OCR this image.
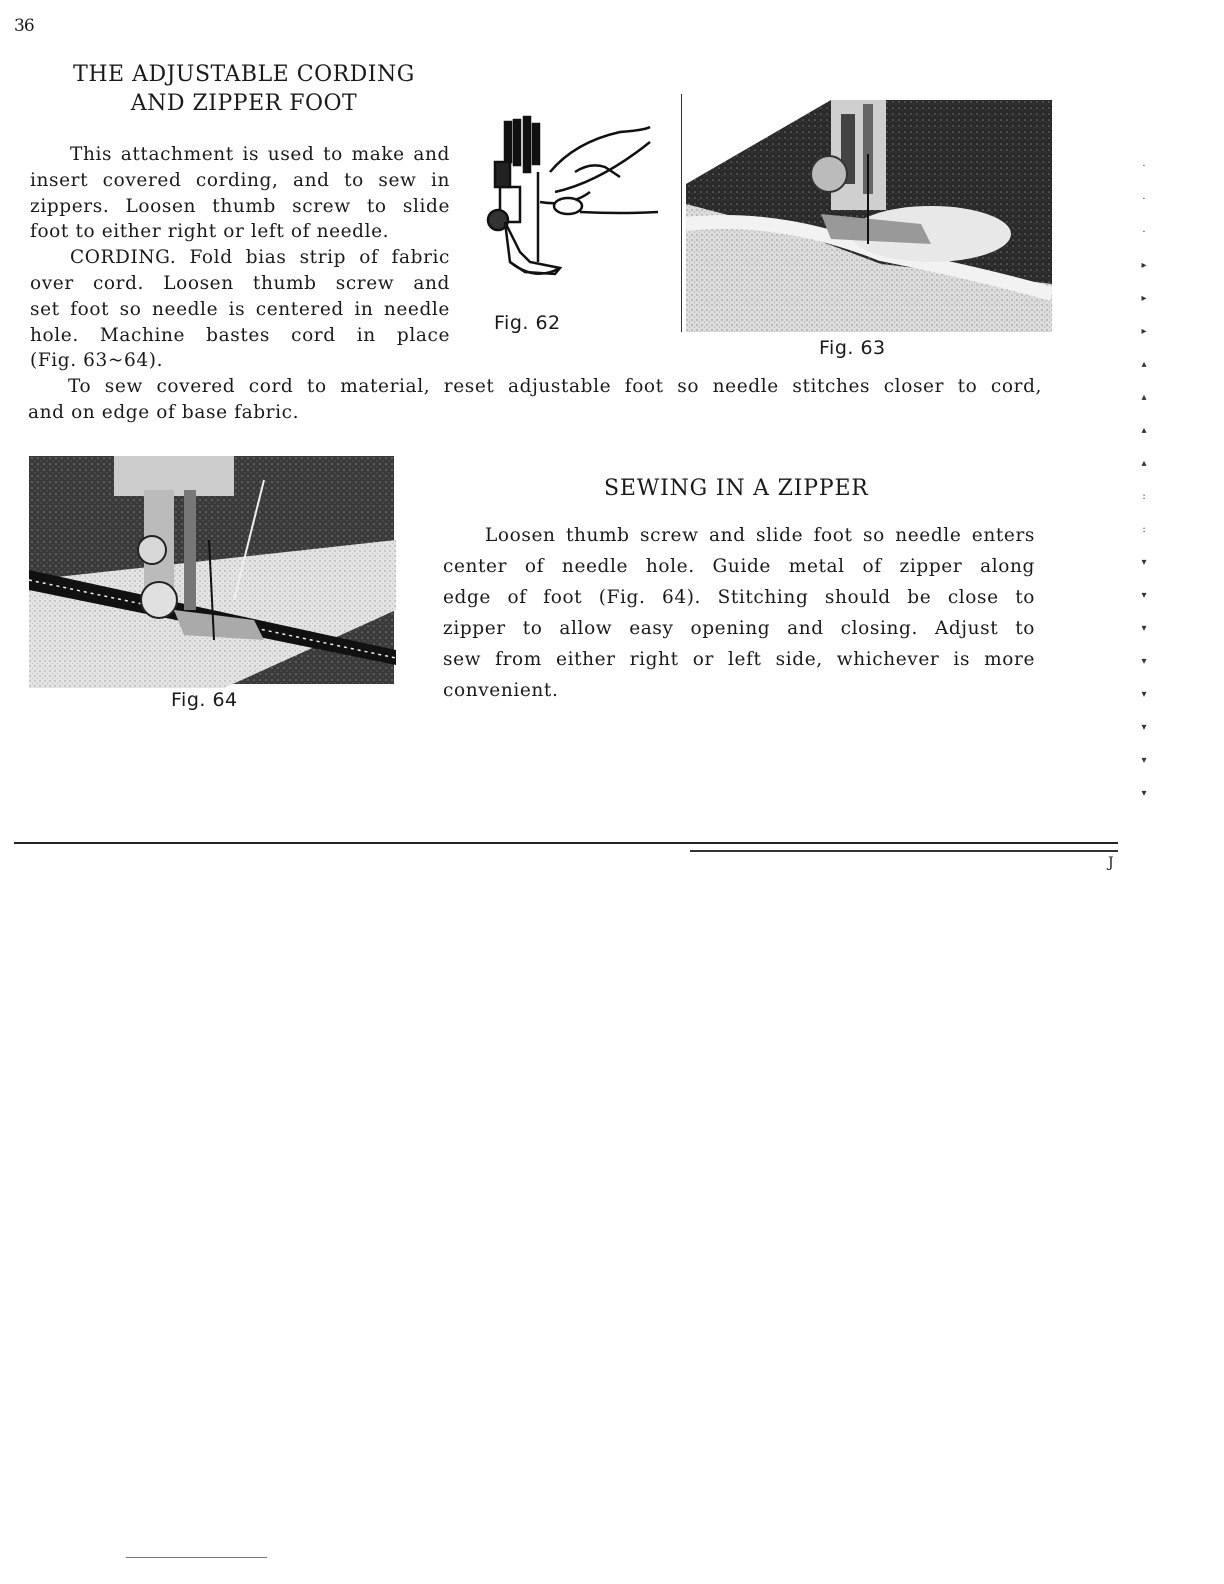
36
THE ADJUSTABLE CORDING
AND ZIPPER FOOT
This attachment is used to make and
insert covered cording, and to sew in
zippers. Loosen thumb screw to slide
foot to either right or left of needle.
CORDING. Fold bias strip of fabric
over cord. Loosen thumb screw and
set foot so needle is centered in needle
hole. Machine bastes cord in place
(Fig. 63~64).
Fig. 62
Fig. 63
To sew covered cord to material, reset adjustable foot so needle stitches closer to cord,
and on edge of base fabric.
Fig. 64
SEWING IN A ZIPPER
Loosen thumb screw and slide foot so needle enters
center of needle hole. Guide metal of zipper along
edge of foot (Fig. 64). Stitching should be close to
zipper to allow easy opening and closing. Adjust to
sew from either right or left side, whichever is more
convenient.
J
·
·
·
▸
▸
▸
▴
▴
▴
▴
:
:
▾
▾
▾
▾
▾
▾
▾
▾
